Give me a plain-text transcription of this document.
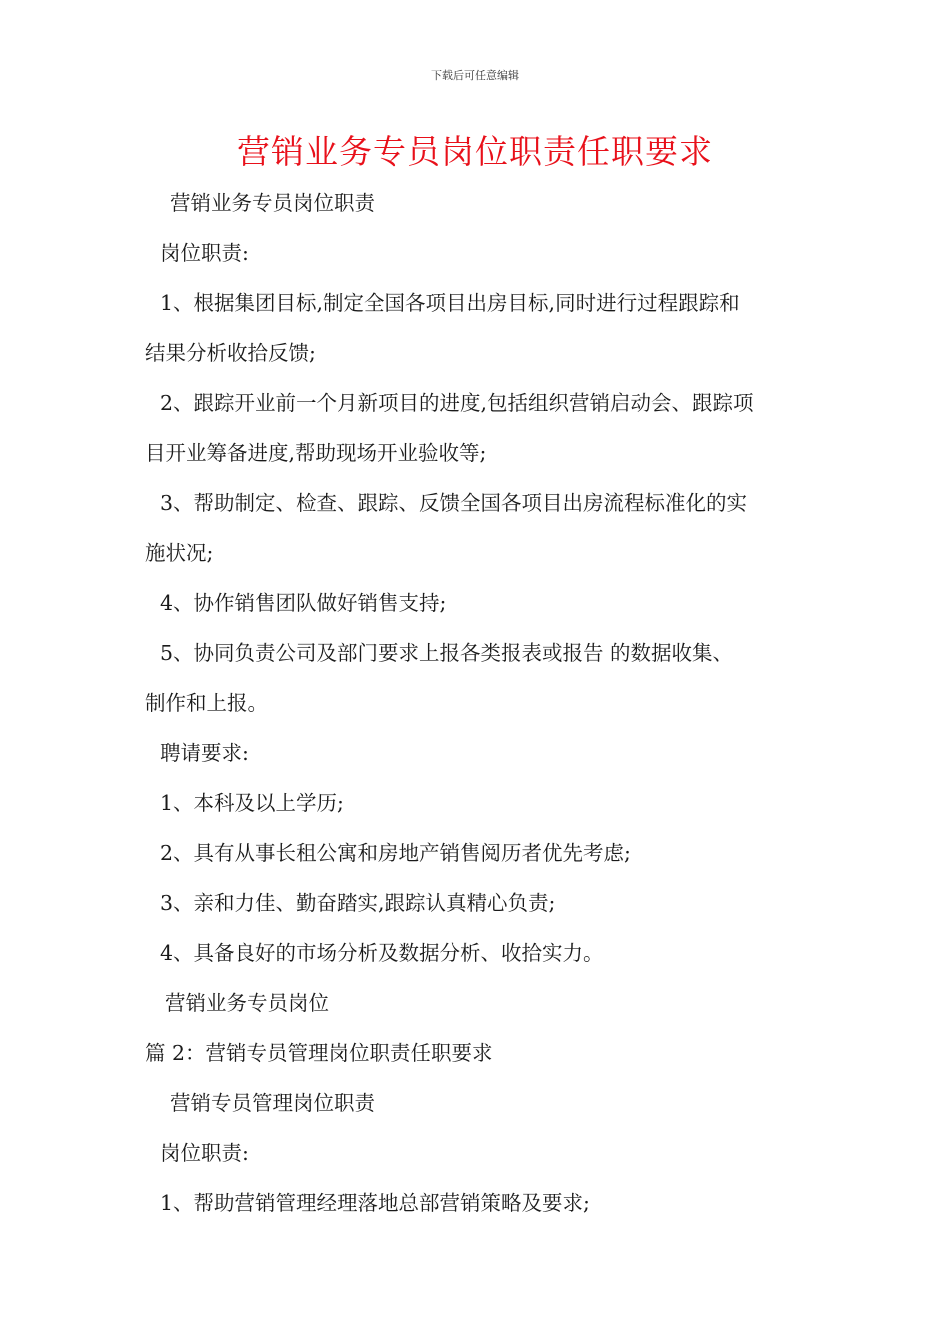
下载后可任意编辑
营销业务专员岗位职责任职要求
营销业务专员岗位职责
岗位职责:
1、根据集团目标,制定全国各项目出房目标,同时进行过程跟踪和
结果分析收拾反馈;
2、跟踪开业前一个月新项目的进度,包括组织营销启动会、跟踪项
目开业筹备进度,帮助现场开业验收等;
3、帮助制定、检查、跟踪、反馈全国各项目出房流程标准化的实
施状况;
4、协作销售团队做好销售支持;
5、协同负责公司及部门要求上报各类报表或报告 的数据收集、
制作和上报。
聘请要求:
1、本科及以上学历;
2、具有从事长租公寓和房地产销售阅历者优先考虑;
3、亲和力佳、勤奋踏实,跟踪认真精心负责;
4、具备良好的市场分析及数据分析、收拾实力。
营销业务专员岗位
篇 2：营销专员管理岗位职责任职要求
营销专员管理岗位职责
岗位职责:
1、帮助营销管理经理落地总部营销策略及要求;
